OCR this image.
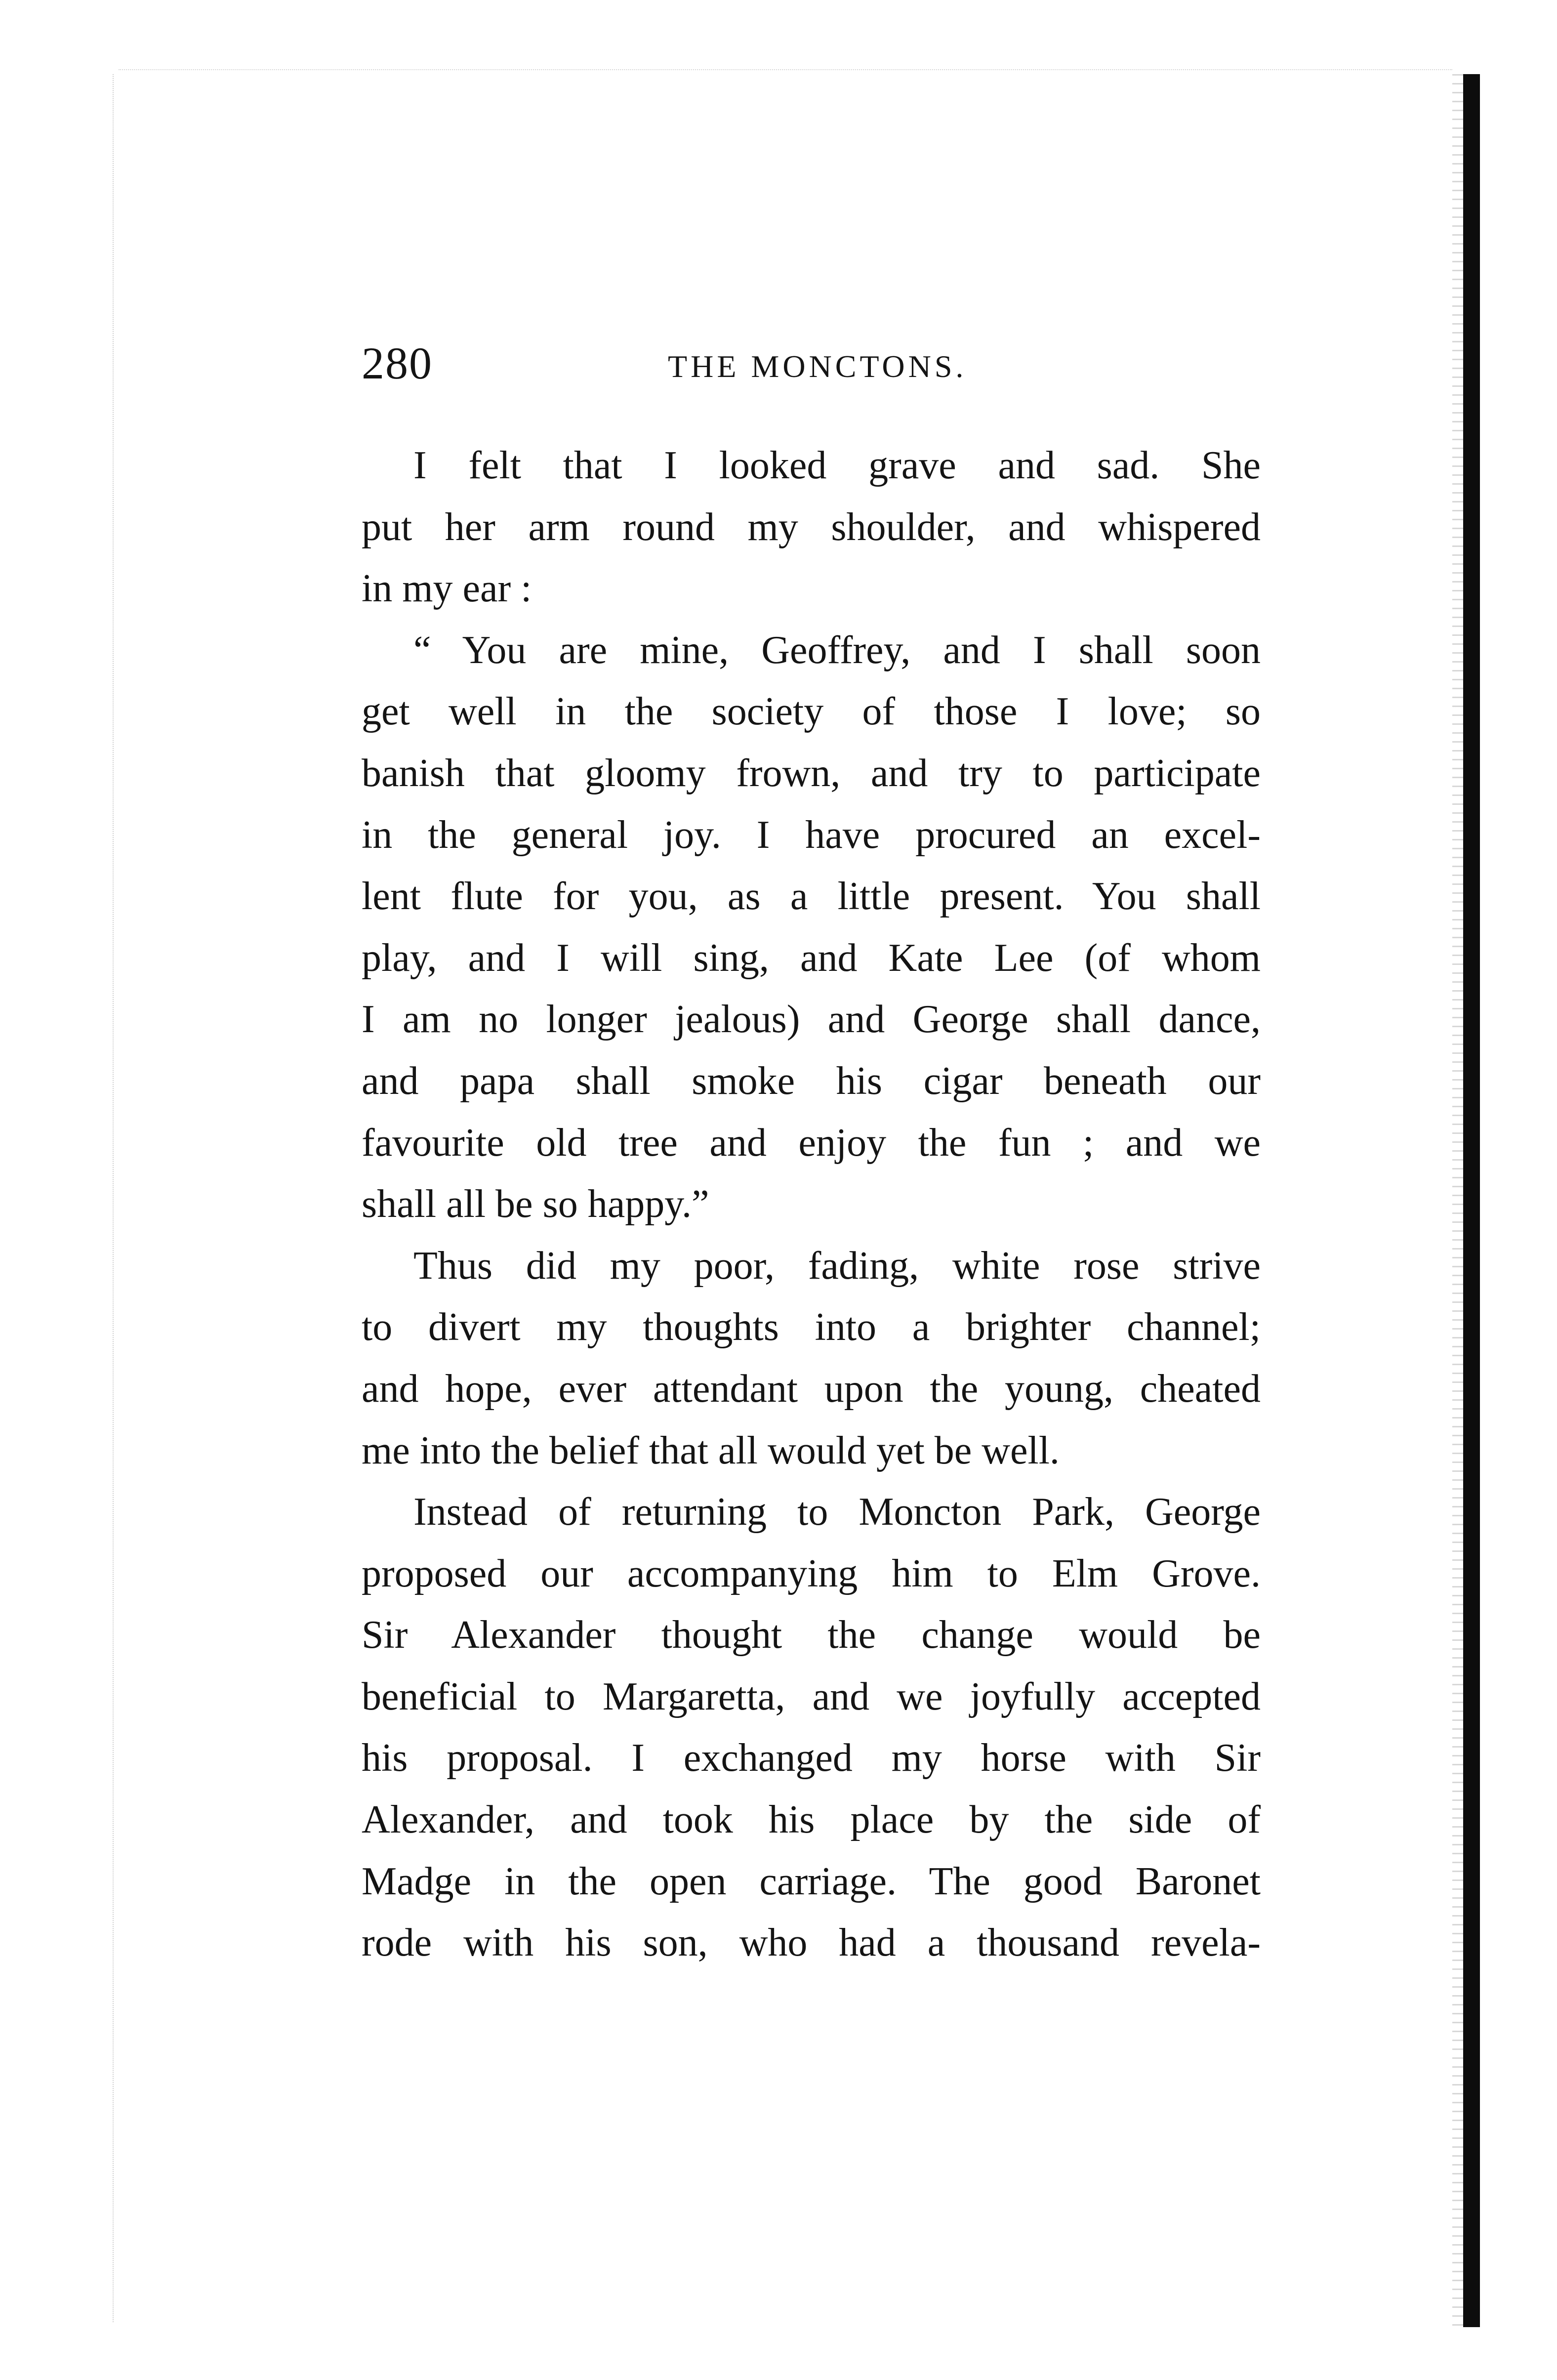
280	THE MONCTONS.
I felt that I looked grave and sad. She
put her arm round my shoulder, and whispered
in my ear :
“ You are mine, Geoffrey, and I shall soon
get well in the society of those I love; so
banish that gloomy frown, and try to participate
in the general joy. I have procured an excel-
lent flute for you, as a little present. You shall
play, and I will sing, and Kate Lee (of whom
I am no longer jealous) and George shall dance,
and papa shall smoke his cigar beneath our
favourite old tree and enjoy the fun ; and we
shall all be so happy.”
Thus did my poor, fading, white rose strive
to divert my thoughts into a brighter channel;
and hope, ever attendant upon the young, cheated
me into the belief that all would yet be well.
Instead of returning to Moncton Park, George
proposed our accompanying him to Elm Grove.
Sir Alexander thought the change would be
beneficial to Margaretta, and we joyfully accepted
his proposal. I exchanged my horse with Sir
Alexander, and took his place by the side of
Madge in the open carriage. The good Baronet
rode with his son, who had a thousand revela-
